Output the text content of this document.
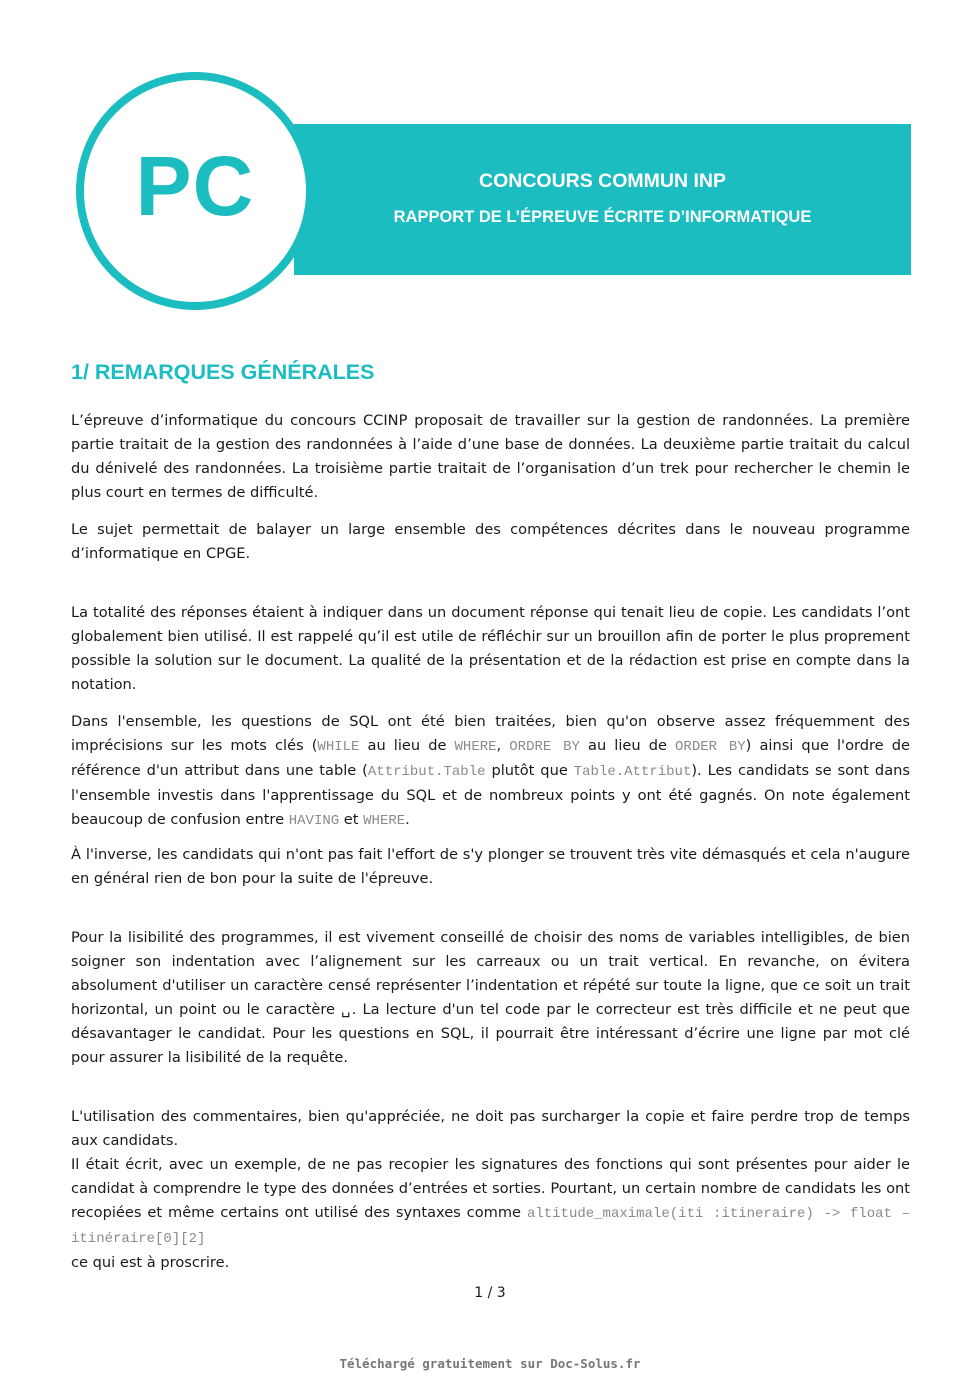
PC	CONCOURS COMMUN INP
RAPPORT DE L’ÉPREUVE ÉCRITE D’INFORMATIQUE
1/ REMARQUES GÉNÉRALES

L’épreuve d’informatique du concours CCINP proposait de travailler sur la gestion de randonnées. La première partie traitait de la gestion des randonnées à l’aide d’une base de données. La deuxième partie traitait du calcul du dénivelé des randonnées. La troisième partie traitait de l’organisation d’un trek pour rechercher le chemin le plus court en termes de difficulté.

Le sujet permettait de balayer un large ensemble des compétences décrites dans le nouveau programme d’informatique en CPGE.

La totalité des réponses étaient à indiquer dans un document réponse qui tenait lieu de copie. Les candidats l’ont globalement bien utilisé. Il est rappelé qu’il est utile de réfléchir sur un brouillon afin de porter le plus proprement possible la solution sur le document. La qualité de la présentation et de la rédaction est prise en compte dans la notation.

Dans l'ensemble, les questions de SQL ont été bien traitées, bien qu'on observe assez fréquemment des imprécisions sur les mots clés (WHILE au lieu de WHERE, ORDRE BY au lieu de ORDER BY) ainsi que l'ordre de référence d'un attribut dans une table (Attribut.Table plutôt que Table.Attribut). Les candidats se sont dans l'ensemble investis dans l'apprentissage du SQL et de nombreux points y ont été gagnés. On note également beaucoup de confusion entre HAVING et WHERE.

À l'inverse, les candidats qui n'ont pas fait l'effort de s'y plonger se trouvent très vite démasqués et cela n'augure en général rien de bon pour la suite de l'épreuve.

Pour la lisibilité des programmes, il est vivement conseillé de choisir des noms de variables intelligibles, de bien soigner son indentation avec l’alignement sur les carreaux ou un trait vertical. En revanche, on évitera absolument d'utiliser un caractère censé représenter l’indentation et répété sur toute la ligne, que ce soit un trait horizontal, un point ou le caractère ␣. La lecture d'un tel code par le correcteur est très difficile et ne peut que désavantager le candidat. Pour les questions en SQL, il pourrait être intéressant d’écrire une ligne par mot clé pour assurer la lisibilité de la requête.

L'utilisation des commentaires, bien qu'appréciée, ne doit pas surcharger la copie et faire perdre trop de temps aux candidats.

Il était écrit, avec un exemple, de ne pas recopier les signatures des fonctions qui sont présentes pour aider le candidat à comprendre le type des données d’entrées et sorties. Pourtant, un certain nombre de candidats les ont recopiées et même certains ont utilisé des syntaxes comme altitude_maximale(iti :itineraire) -> float – itinéraire[0][2]
ce qui est à proscrire.

1 / 3
Téléchargé gratuitement sur Doc-Solus.fr
